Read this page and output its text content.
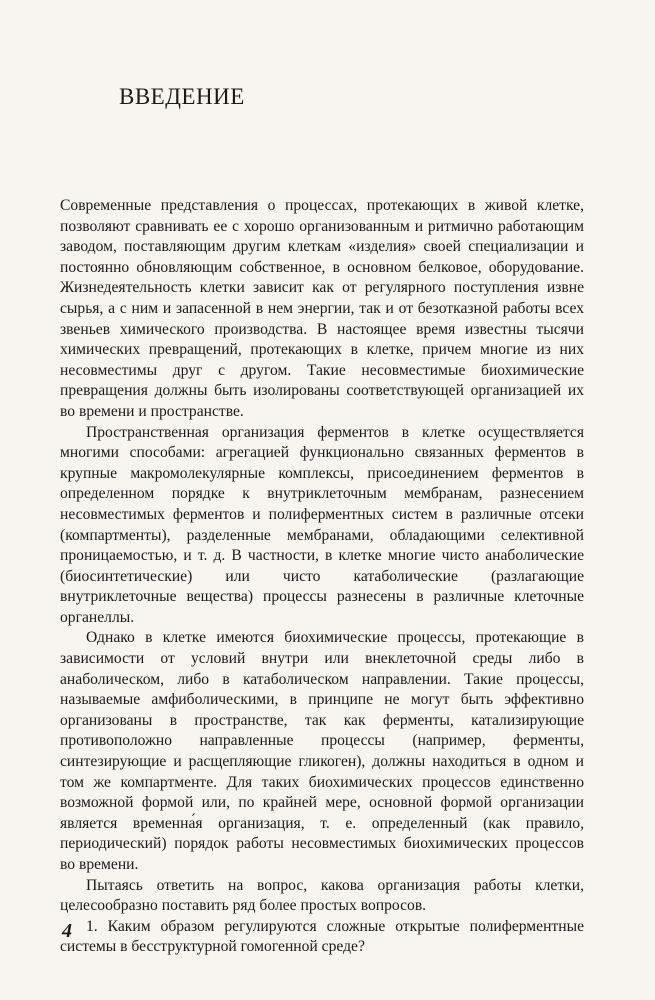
ВВЕДЕНИЕ

Современные представления о процессах, протекающих в живой клетке, позволяют сравнивать ее с хорошо организованным и ритмично работающим заводом, поставляющим другим клеткам «изделия» своей специализации и постоянно обновляющим собственное, в основном белковое, оборудование. Жизнедеятельность клетки зависит как от регулярного поступления извне сырья, а с ним и запасенной в нем энергии, так и от безотказной работы всех звеньев химического производства. В настоящее время известны тысячи химических превращений, протекающих в клетке, причем многие из них несовместимы друг с другом. Такие несовместимые биохимические превращения должны быть изолированы соответствующей организацией их во времени и пространстве.

Пространственная организация ферментов в клетке осуществляется многими способами: агрегацией функционально связанных ферментов в крупные макромолекулярные комплексы, присоединением ферментов в определенном порядке к внутриклеточным мембранам, разнесением несовместимых ферментов и полиферментных систем в различные отсеки (компартменты), разделенные мембранами, обладающими селективной проницаемостью, и т. д. В частности, в клетке многие чисто анаболические (биосинтетические) или чисто катаболические (разлагающие внутриклеточные вещества) процессы разнесены в различные клеточные органеллы.

Однако в клетке имеются биохимические процессы, протекающие в зависимости от условий внутри или внеклеточной среды либо в анаболическом, либо в катаболическом направлении. Такие процессы, называемые амфиболическими, в принципе не могут быть эффективно организованы в пространстве, так как ферменты, катализирующие противоположно направленные процессы (например, ферменты, синтезирующие и расщепляющие гликоген), должны находиться в одном и том же компартменте. Для таких биохимических процессов единственно возможной формой или, по крайней мере, основной формой организации является временна́я организация, т. е. определенный (как правило, периодический) порядок работы несовместимых биохимических процессов во времени.

Пытаясь ответить на вопрос, какова организация работы клетки, целесообразно поставить ряд более простых вопросов.

1. Каким образом регулируются сложные открытые полиферментные системы в бесструктурной гомогенной среде?

4
